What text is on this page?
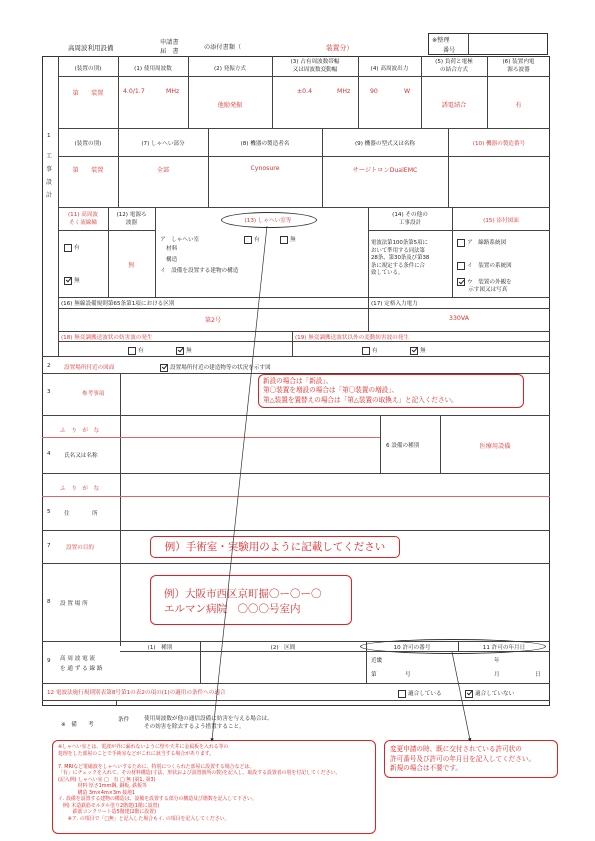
高周波利用設備
申請書
届　書
の添付書類（	装置分）
※整理
番号
1
工事設計
(装置の別)	(1) 使用周波数	(2) 発振方式
(3) 占有周波数帯幅
又は周波数変動幅	(4) 高周波出力
(5) 負荷と電極
の結合方式
(6) 装置内電
源ろ波器
第　　装置	4.0/1.7	MHz
他励発振
±0.4	MHz	90	W
誘電結合	有
(装置の別)	(7) しゃへい部分	(8) 機器の製造者名	(9) 機器の型式又は名称	(10) 機器の製造番号
第　　装置	全部	Cynosure	サージトロンDualEMC
(11) 高周波
そく流線輪
(12) 電源ろ
波器	(13) しゃへい室等
(14) その他の
工事設計	(15) 添付図面
有
無
無
ア　しゃへい室	有	無
材料
構造
イ　設備を設置する建物の構造
電波法第100条第5項に
おいて準用する同法第
28条、第30条及び第38
条に規定する条件に合
致している。
ア　線路系統図
イ　装置の系統図
ウ　装置の外観を
　　示す図又は写真
(16) 無線設備規則第65条第1項における区別
第2号
(17) 定格入力電力
330VA
(18) 無変調搬送波状の妨害波の発生	(19) 無変調搬送波状以外の変動妨害波の発生
有	無	有	無
2 設置場所付近の図面	設置場所付近の建造物等の状況を示す図
3	参考事項
ふ　り　が　な
4 氏名又は名称
6 設備の種別	医療用設備
ふ　り　が　な
5 住　　　　所
7	設置の目的	例）手術室・実験用のように記載してください
8 設 置 場 所
例）大阪市西区京町掘〇ー〇ー〇
エルマン病院　〇〇〇号室内
9 高 周 波 電 流
を 通 ず る 線 路
(1)　種別	(2)　区間	10 許可の番号	11 許可の年月日
近畿
第	号
年
月	日
12 電波法施行規則別表第8号第1の表2の項の(1)の適用の条件への適合	適合している	適合していない
※　備　　考
条件	使用周波数が他の通信設備に妨害を与える場合は、
その妨害を除去するよう措置すること。
新設の場合は「新設」、
第〇装置を増設の場合は「第〇装置の増設」、
第△装置を置替えの場合は「第△装置の取換え」と記入ください。
※しゃへい室とは、電波が外に漏れないように壁や天井に金属板を入れる等の
処理をした部屋のことで手術室などがこれに該当する場合があります。

7. MRIなど電磁波をしゃへいするために、特別につくられた部屋に設置する場合などは、
「有」にチェックを入れて、その材料構造(寸法、形状および設置箇所の数)を記入し、取設する設置者の別を付記してください。
(記入例) しゃへい室 □　有 □ 無 (第1, 第3)
　　　　材料 厚さ1mm鋼, 銅板, 鉄板等
　　　　構造 3m×4m×3m 接地1
イ. 設備を設置する建物の構造は、設備を設置する部分の構造及び階数を記入して下さい。
　例) 木造鉄筋モルタル塗り2階建(1階に設置)
　　　鉄筋コンクリート造5階建(2階に設置)
　　※ア. の項目で「□無」と記入した場合もイ. の項目を記入してください。
変更申請の時、既に交付されている許可状の
許可番号及び許可の年月日を記入してください。
新規の場合は不要です。
